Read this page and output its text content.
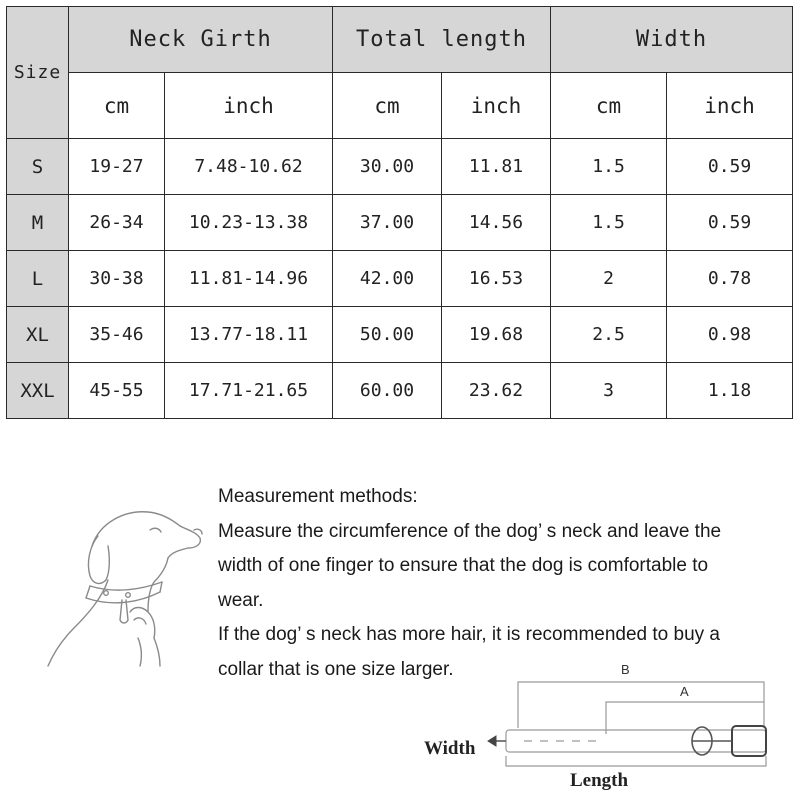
Size	Neck Girth		Total length		Width	
	cm	inch	cm	inch	cm	inch
S	19-27	7.48-10.62	30.00	11.81	1.5	0.59
M	26-34	10.23-13.38	37.00	14.56	1.5	0.59
L	30-38	11.81-14.96	42.00	16.53	2	0.78
XL	35-46	13.77-18.11	50.00	19.68	2.5	0.98
XXL	45-55	17.71-21.65	60.00	23.62	3	1.18
Measurement methods:
Measure the circumference of the dog’ s neck and leave the
width of one finger to ensure that the dog is comfortable to
wear.
If the dog’ s neck has more hair, it is recommended to buy a
collar that is one size larger.	B
A
Width
Length
